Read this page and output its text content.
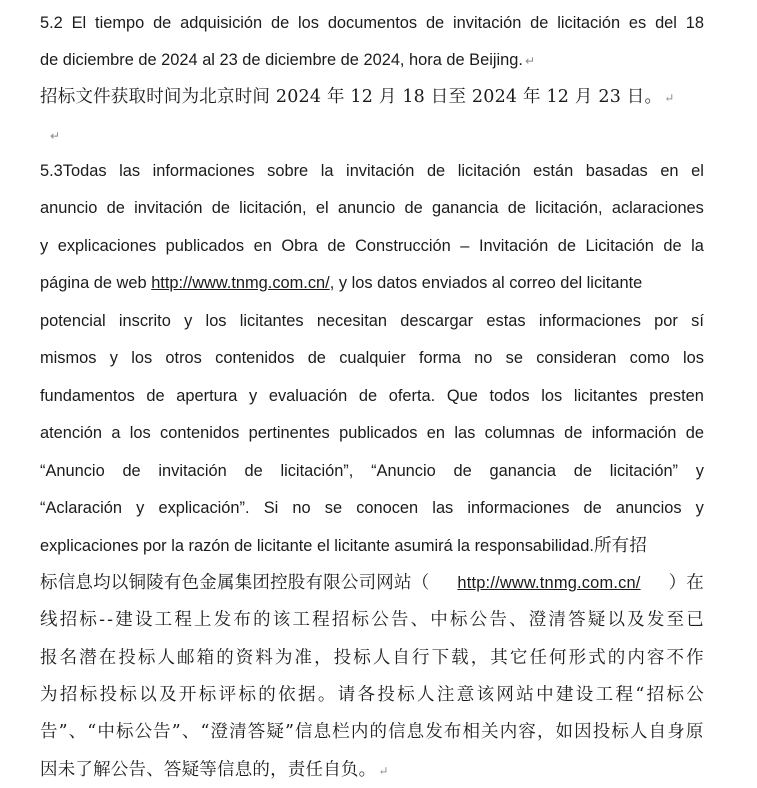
5.2 El tiempo de adquisición de los documentos de invitación de licitación es del 18
de diciembre de 2024 al 23 de diciembre de 2024, hora de Beijing. ↵
招标文件获取时间为北京时间 2024 年 12 月 18 日至 2024 年 12 月 23 日。 ↵
↵
5.3Todas las informaciones sobre la invitación de licitación están basadas en el
anuncio de invitación de licitación, el anuncio de ganancia de licitación, aclaraciones
y explicaciones publicados en Obra de Construcción – Invitación de Licitación de la
página de web http://www.tnmg.com.cn/ , y los datos enviados al correo del licitante
potencial inscrito y los licitantes necesitan descargar estas informaciones por sí
mismos y los otros contenidos de cualquier forma no se consideran como los
fundamentos de apertura y evaluación de oferta. Que todos los licitantes presten
atención a los contenidos pertinentes publicados en las columnas de información de
“Anuncio de invitación de licitación”, “Anuncio de ganancia de licitación” y
“Aclaración y explicación”. Si no se conocen las informaciones de anuncios y
explicaciones por la razón de licitante el licitante asumirá la responsabilidad.所有招
标信息均以铜陵有色金属集团控股有限公司网站（ http://www.tnmg.com.cn/ ）在
线 招 标 - - 建 设 工 程 上 发 布 的 该 工 程 招 标 公 告 、 中 标 公 告 、 澄 清 答 疑 以 及 发 至 已
报 名 潜 在 投 标 人 邮 箱 的 资 料 为 准 ， 投 标 人 自 行 下 载 ， 其 它 任 何 形 式 的 内 容 不 作
为 招 标 投 标 以 及 开 标 评 标 的 依 据 。 请 各 投 标 人 注 意 该 网 站 中 建 设 工 程 “ 招 标 公
告 ” 、 “ 中 标 公 告 ” 、 “ 澄 清 答 疑 ” 信 息 栏 内 的 信 息 发 布 相 关 内 容 ， 如 因 投 标 人 自 身 原
因未了解公告、答疑等信息的，责任自负。 ↵
